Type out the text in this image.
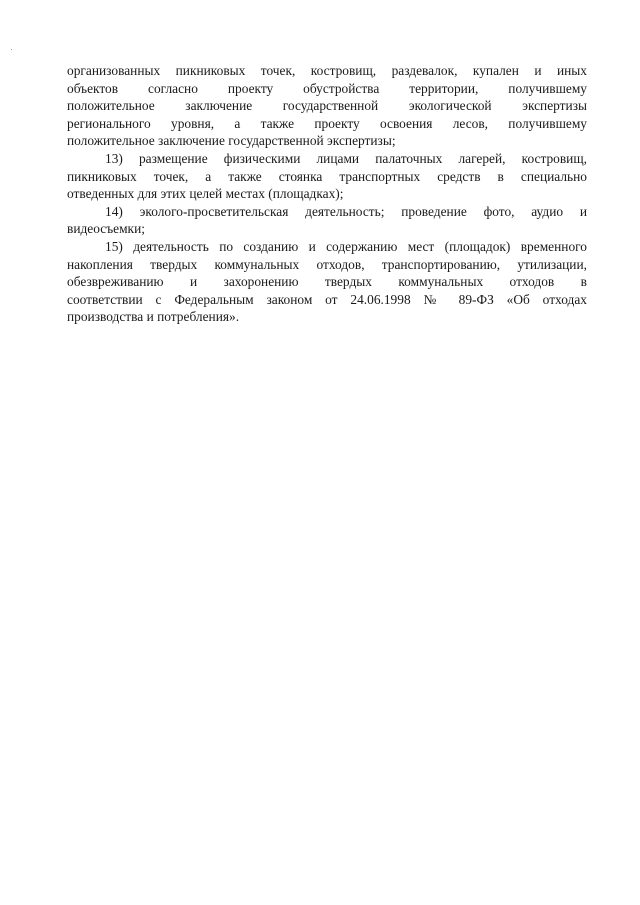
организованных пикниковых точек, костровищ, раздевалок, купален и иных
объектов согласно проекту обустройства территории, получившему
положительное заключение государственной экологической экспертизы
регионального уровня, а также проекту освоения лесов, получившему
положительное заключение государственной экспертизы;

13) размещение физическими лицами палаточных лагерей, костровищ,
пикниковых точек, а также стоянка транспортных средств в специально
отведенных для этих целей местах (площадках);

14) эколого-просветительская деятельность; проведение фото, аудио и
видеосъемки;

15) деятельность по созданию и содержанию мест (площадок) временного
накопления твердых коммунальных отходов, транспортированию, утилизации,
обезвреживанию и захоронению твердых коммунальных отходов в
соответствии с Федеральным законом от 24.06.1998 № 89-ФЗ «Об отходах
производства и потребления».
